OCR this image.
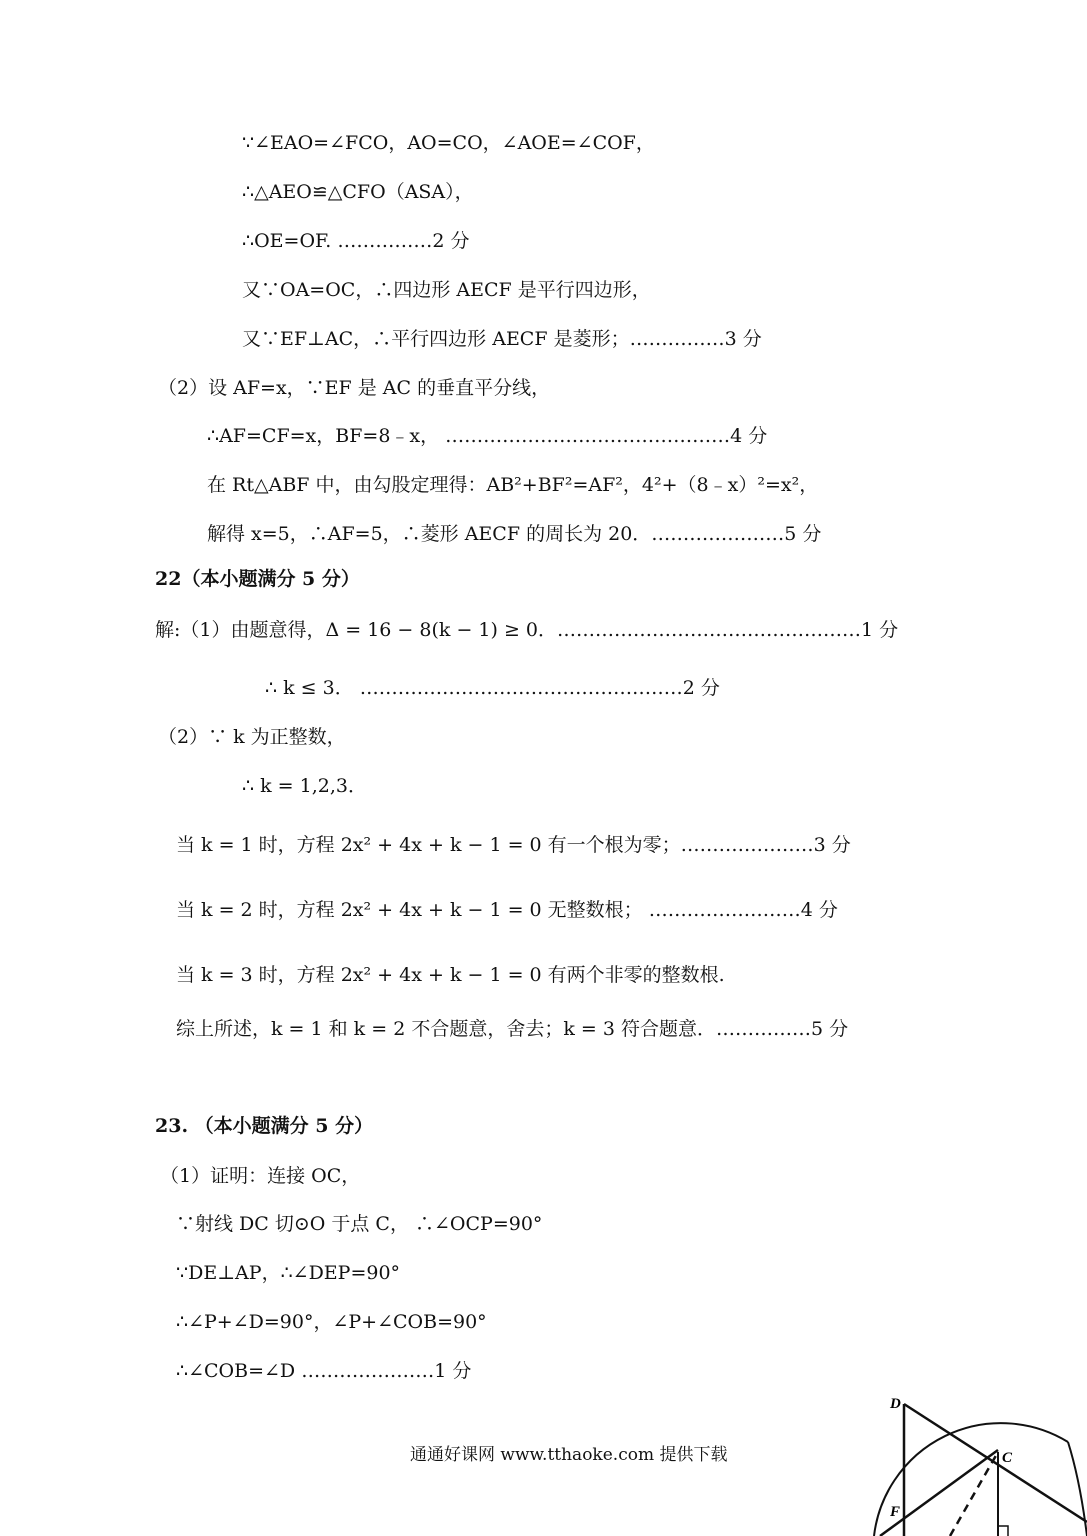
∵∠EAO=∠FCO，AO=CO，∠AOE=∠COF，
∴△AEO≌△CFO（ASA），
∴OE=OF. ……………2 分
又∵OA=OC，∴四边形 AECF 是平行四边形，
又∵EF⊥AC，∴平行四边形 AECF 是菱形；……………3 分
（2）设 AF=x，∵EF 是 AC 的垂直平分线，
∴AF=CF=x，BF=8﹣x， ………………………………………4 分
在 Rt△ABF 中，由勾股定理得：AB²+BF²=AF²，4²+（8﹣x）²=x²，
解得 x=5，∴AF=5，∴菱形 AECF 的周长为 20．…………………5 分
22（本小题满分 5 分）
解:（1）由题意得，Δ = 16 − 8(k − 1) ≥ 0．…………………………………………1 分
∴ k ≤ 3． ……………………………………………2 分
（2）∵ k 为正整数，
∴ k = 1,2,3．
当 k = 1 时，方程 2x² + 4x + k − 1 = 0 有一个根为零；…………………3 分
当 k = 2 时，方程 2x² + 4x + k − 1 = 0 无整数根； ……………………4 分
当 k = 3 时，方程 2x² + 4x + k − 1 = 0 有两个非零的整数根.
综上所述，k = 1 和 k = 2 不合题意，舍去；k = 3 符合题意．……………5 分
23. （本小题满分 5 分）
（1）证明：连接 OC，
∵射线 DC 切⊙O 于点 C， ∴∠OCP=90°
∵DE⊥AP，∴∠DEP=90°
∴∠P+∠D=90°，∠P+∠COB=90°
∴∠COB=∠D …………………1 分
通通好课网 www.tthaoke.com 提供下载
D
C
F
